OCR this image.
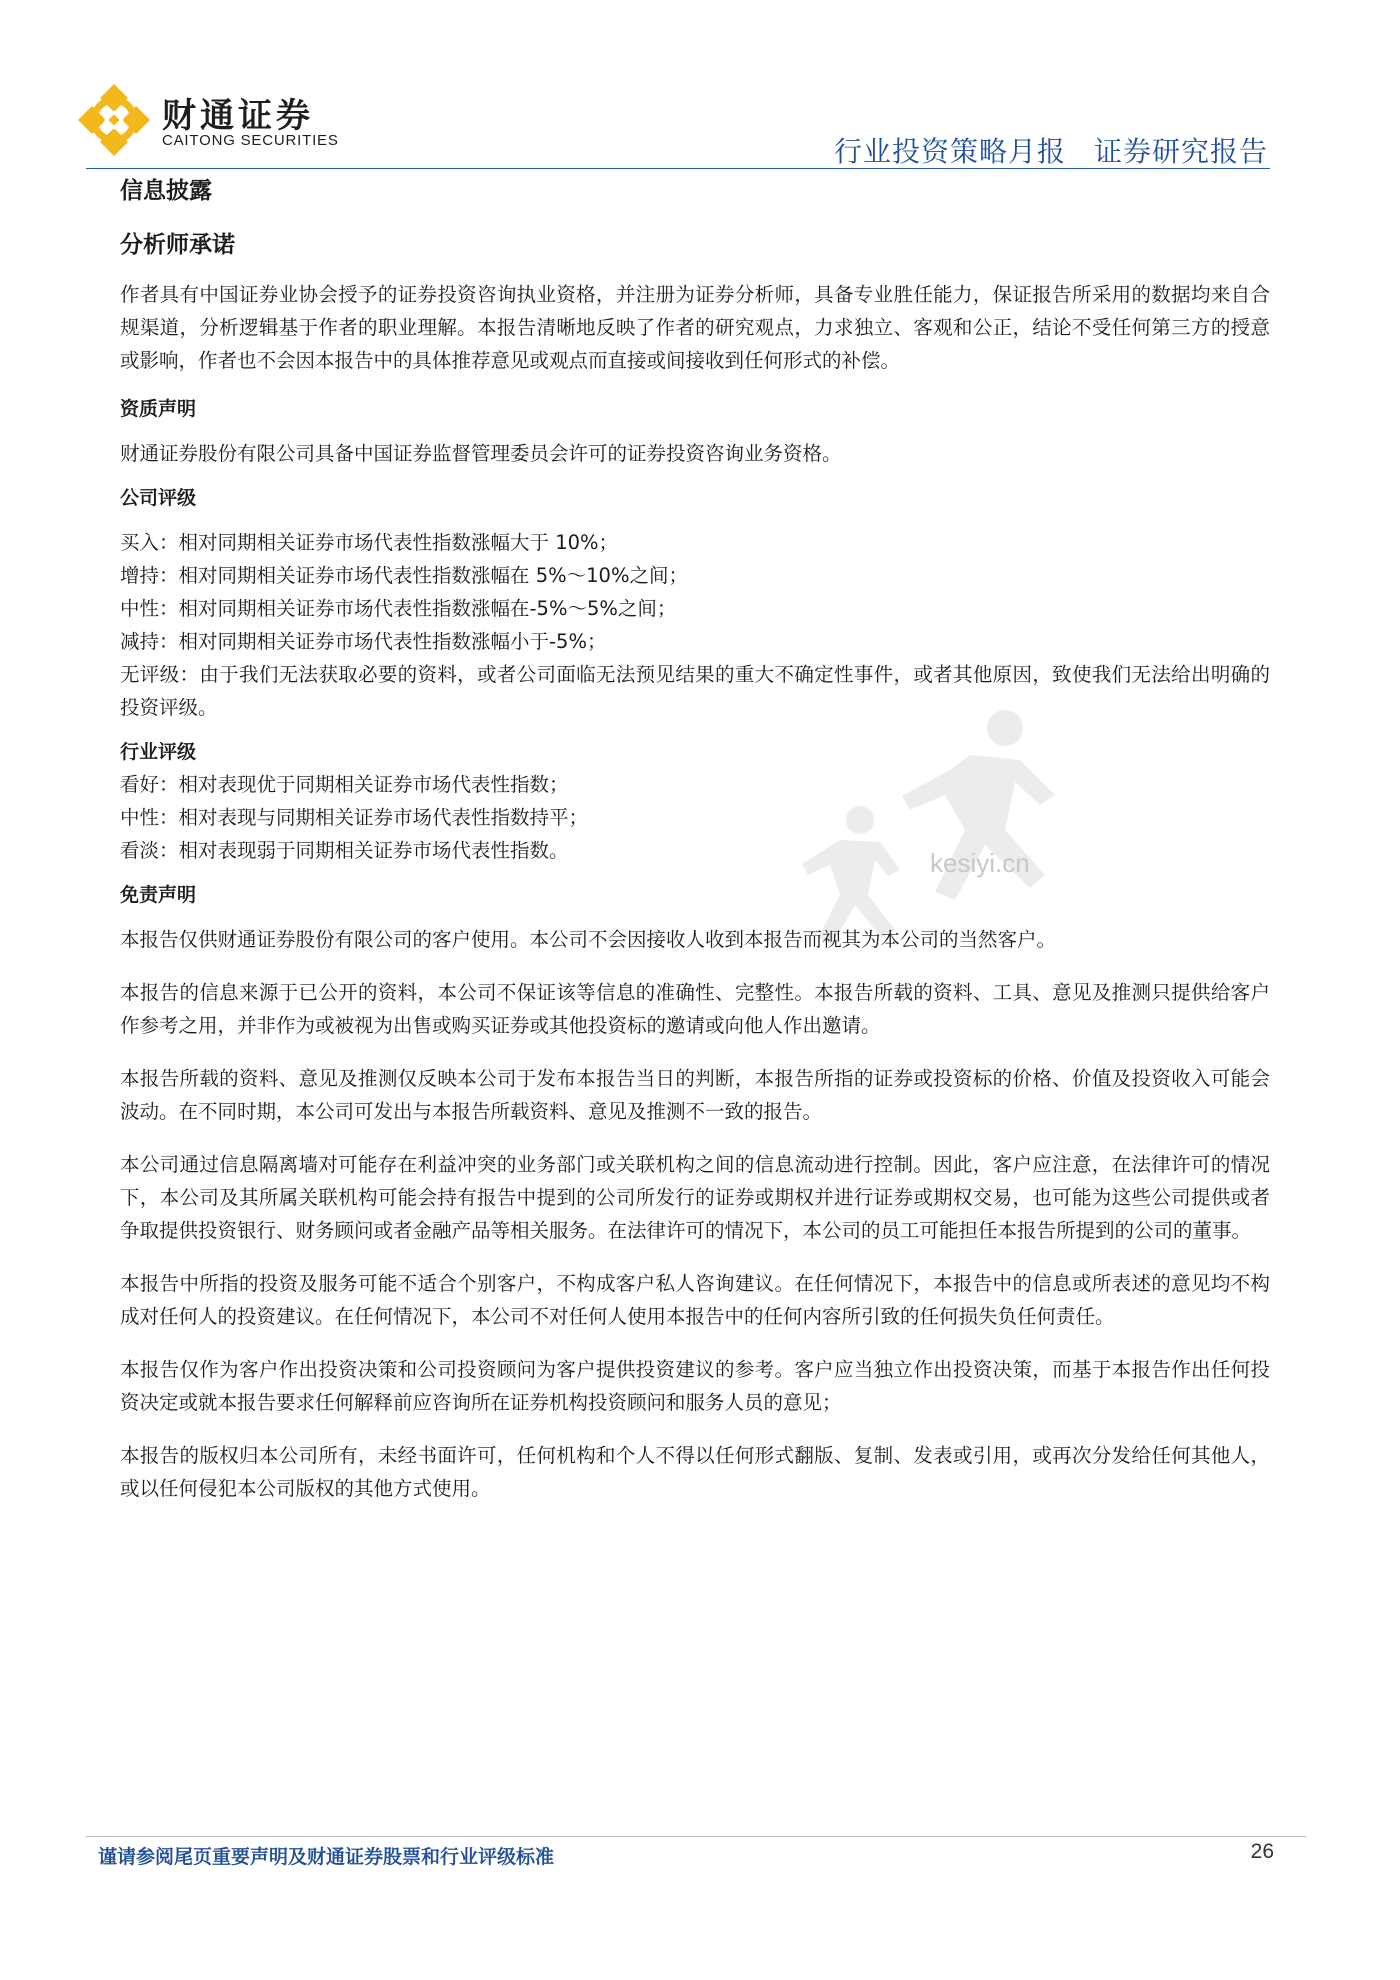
财通证券
CAITONG SECURITIES	行业投资策略月报 证券研究报告
kesiyi.cn
信息披露
分析师承诺

作者具有中国证券业协会授予的证券投资咨询执业资格，并注册为证券分析师，具备专业胜任能力，保证报告所采用的数据均来自合规渠道，分析逻辑基于作者的职业理解。本报告清晰地反映了作者的研究观点，力求独立、客观和公正，结论不受任何第三方的授意或影响，作者也不会因本报告中的具体推荐意见或观点而直接或间接收到任何形式的补偿。

资质声明

财通证券股份有限公司具备中国证券监督管理委员会许可的证券投资咨询业务资格。

公司评级

买入：相对同期相关证券市场代表性指数涨幅大于 10%；

增持：相对同期相关证券市场代表性指数涨幅在 5%～10%之间；

中性：相对同期相关证券市场代表性指数涨幅在-5%～5%之间；

减持：相对同期相关证券市场代表性指数涨幅小于-5%；

无评级：由于我们无法获取必要的资料，或者公司面临无法预见结果的重大不确定性事件，或者其他原因，致使我们无法给出明确的投资评级。

行业评级

看好：相对表现优于同期相关证券市场代表性指数；

中性：相对表现与同期相关证券市场代表性指数持平；

看淡：相对表现弱于同期相关证券市场代表性指数。

免责声明

本报告仅供财通证券股份有限公司的客户使用。本公司不会因接收人收到本报告而视其为本公司的当然客户。

本报告的信息来源于已公开的资料，本公司不保证该等信息的准确性、完整性。本报告所载的资料、工具、意见及推测只提供给客户作参考之用，并非作为或被视为出售或购买证券或其他投资标的邀请或向他人作出邀请。

本报告所载的资料、意见及推测仅反映本公司于发布本报告当日的判断，本报告所指的证券或投资标的价格、价值及投资收入可能会波动。在不同时期，本公司可发出与本报告所载资料、意见及推测不一致的报告。

本公司通过信息隔离墙对可能存在利益冲突的业务部门或关联机构之间的信息流动进行控制。因此，客户应注意，在法律许可的情况下，本公司及其所属关联机构可能会持有报告中提到的公司所发行的证券或期权并进行证券或期权交易，也可能为这些公司提供或者争取提供投资银行、财务顾问或者金融产品等相关服务。在法律许可的情况下，本公司的员工可能担任本报告所提到的公司的董事。

本报告中所指的投资及服务可能不适合个别客户，不构成客户私人咨询建议。在任何情况下，本报告中的信息或所表述的意见均不构成对任何人的投资建议。在任何情况下，本公司不对任何人使用本报告中的任何内容所引致的任何损失负任何责任。

本报告仅作为客户作出投资决策和公司投资顾问为客户提供投资建议的参考。客户应当独立作出投资决策，而基于本报告作出任何投资决定或就本报告要求任何解释前应咨询所在证券机构投资顾问和服务人员的意见；

本报告的版权归本公司所有，未经书面许可，任何机构和个人不得以任何形式翻版、复制、发表或引用，或再次分发给任何其他人，或以任何侵犯本公司版权的其他方式使用。

谨请参阅尾页重要声明及财通证券股票和行业评级标准	26
